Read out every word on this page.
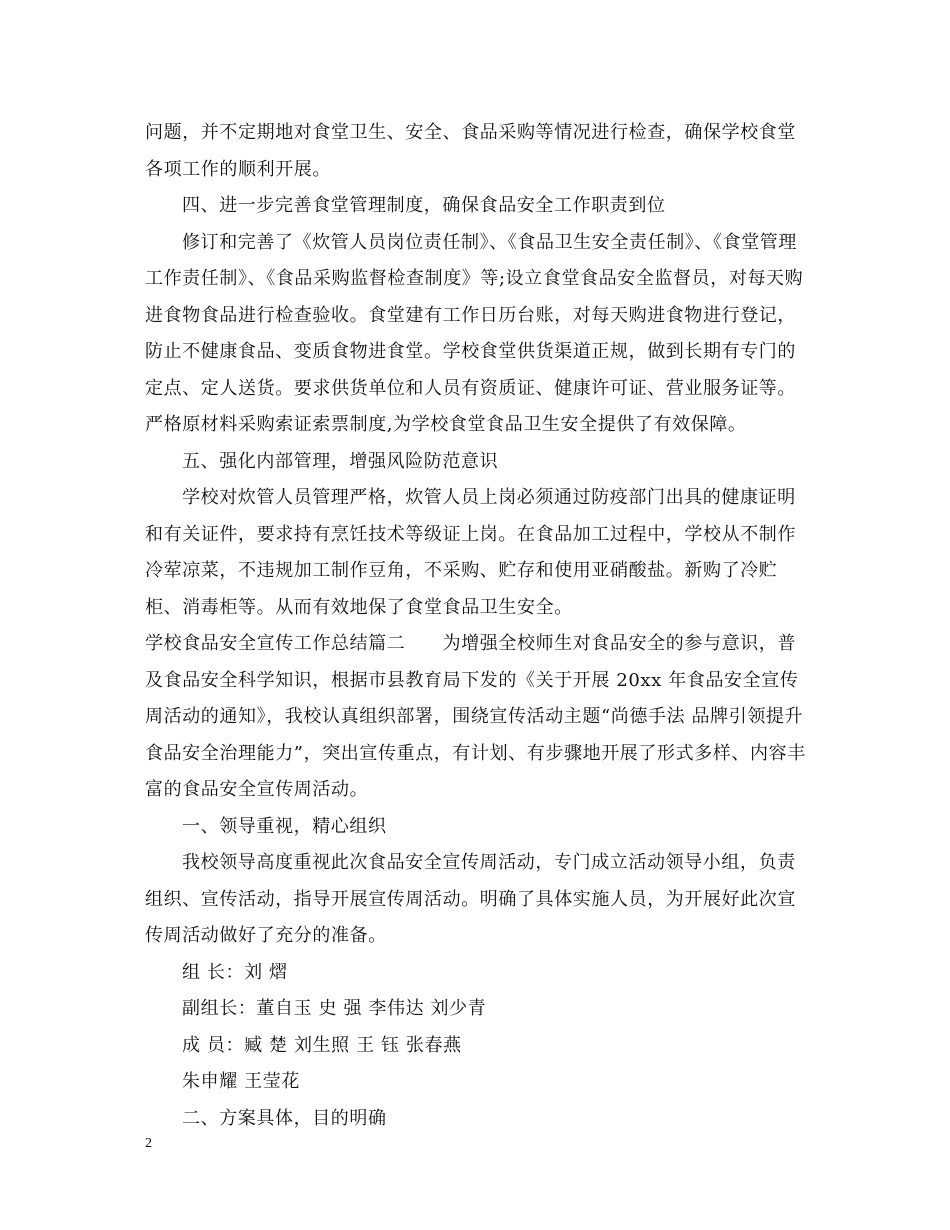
问题，并不定期地对食堂卫生、安全、食品采购等情况进行检查，确保学校食堂各项工作的顺利开展。

四、进一步完善食堂管理制度，确保食品安全工作职责到位

修订和完善了《炊管人员岗位责任制》、《食品卫生安全责任制》、《食堂管理工作责任制》、《食品采购监督检查制度》等;设立食堂食品安全监督员，对每天购进食物食品进行检查验收。食堂建有工作日历台账，对每天购进食物进行登记，防止不健康食品、变质食物进食堂。学校食堂供货渠道正规，做到长期有专门的定点、定人送货。要求供货单位和人员有资质证、健康许可证、营业服务证等。严格原材料采购索证索票制度,为学校食堂食品卫生安全提供了有效保障。

五、强化内部管理，增强风险防范意识

学校对炊管人员管理严格，炊管人员上岗必须通过防疫部门出具的健康证明和有关证件，要求持有烹饪技术等级证上岗。在食品加工过程中，学校从不制作冷荤凉菜，不违规加工制作豆角，不采购、贮存和使用亚硝酸盐。新购了冷贮柜、消毒柜等。从而有效地保了食堂食品卫生安全。

学校食品安全宣传工作总结篇二　　为增强全校师生对食品安全的参与意识，普及食品安全科学知识，根据市县教育局下发的《关于开展 20xx 年食品安全宣传周活动的通知》，我校认真组织部署，围绕宣传活动主题“尚德手法 品牌引领提升食品安全治理能力”，突出宣传重点，有计划、有步骤地开展了形式多样、内容丰富的食品安全宣传周活动。

一、领导重视，精心组织

我校领导高度重视此次食品安全宣传周活动，专门成立活动领导小组，负责组织、宣传活动，指导开展宣传周活动。明确了具体实施人员，为开展好此次宣传周活动做好了充分的准备。

组 长：刘 熠

副组长：董自玉 史 强 李伟达 刘少青

成 员：臧 楚 刘生照 王 钰 张春燕

朱申耀 王莹花

二、方案具体，目的明确

2
